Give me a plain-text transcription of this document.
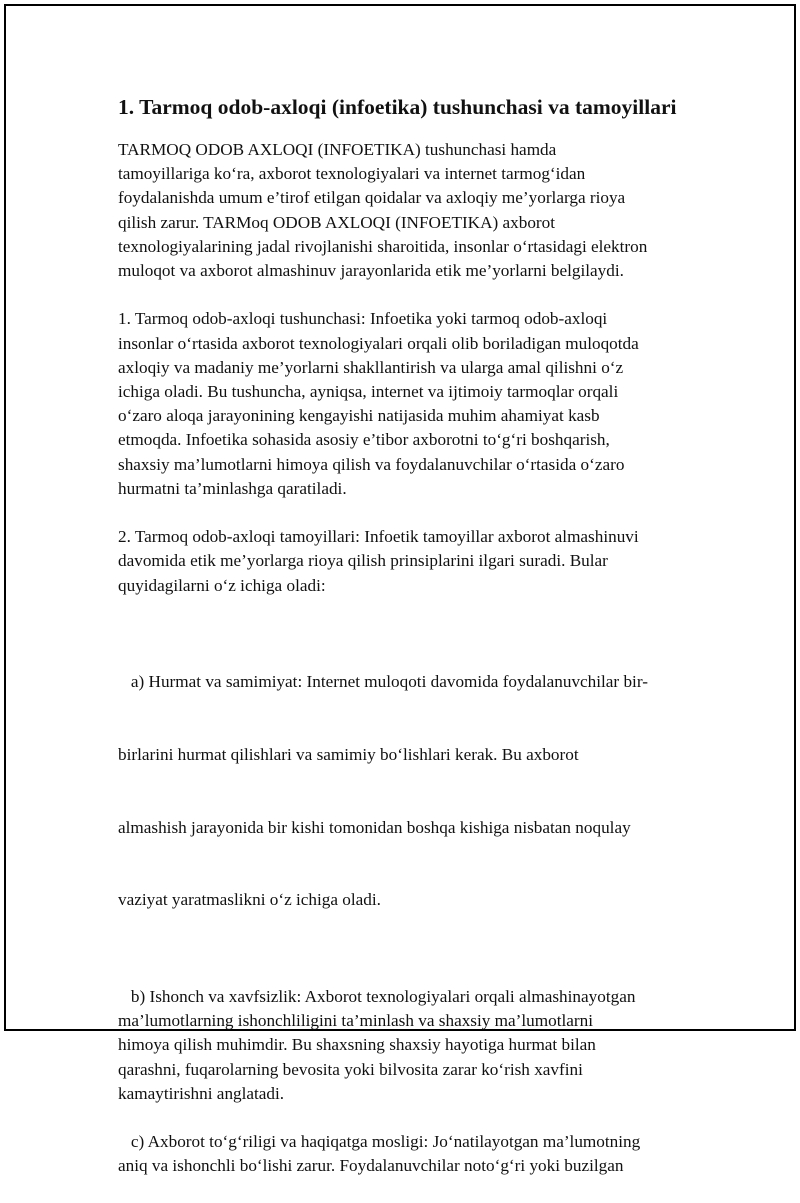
1. Tarmoq odob-axloqi (infoetika) tushunchasi va tamoyillari

TARMOQ ODOB AXLOQI (INFOETIKA) tushunchasi hamda
tamoyillariga ko‘ra, axborot texnologiyalari va internet tarmog‘idan
foydalanishda umum e’tirof etilgan qoidalar va axloqiy me’yorlarga rioya
qilish zarur. TARMoq ODOB AXLOQI (INFOETIKA) axborot
texnologiyalarining jadal rivojlanishi sharoitida, insonlar o‘rtasidagi elektron
muloqot va axborot almashinuv jarayonlarida etik me’yorlarni belgilaydi.

1. Tarmoq odob-axloqi tushunchasi: Infoetika yoki tarmoq odob-axloqi
insonlar o‘rtasida axborot texnologiyalari orqali olib boriladigan muloqotda
axloqiy va madaniy me’yorlarni shakllantirish va ularga amal qilishni o‘z
ichiga oladi. Bu tushuncha, ayniqsa, internet va ijtimoiy tarmoqlar orqali
o‘zaro aloqa jarayonining kengayishi natijasida muhim ahamiyat kasb
etmoqda. Infoetika sohasida asosiy e’tibor axborotni to‘g‘ri boshqarish,
shaxsiy ma’lumotlarni himoya qilish va foydalanuvchilar o‘rtasida o‘zaro
hurmatni ta’minlashga qaratiladi.

2. Tarmoq odob-axloqi tamoyillari: Infoetik tamoyillar axborot almashinuvi
davomida etik me’yorlarga rioya qilish prinsiplarini ilgari suradi. Bular
quyidagilarni o‘z ichiga oladi:

a) Hurmat va samimiyat: Internet muloqoti davomida foydalanuvchilar bir-

birlarini hurmat qilishlari va samimiy bo‘lishlari kerak. Bu axborot

almashish jarayonida bir kishi tomonidan boshqa kishiga nisbatan noqulay

vaziyat yaratmaslikni o‘z ichiga oladi.

b) Ishonch va xavfsizlik: Axborot texnologiyalari orqali almashinayotgan
ma’lumotlarning ishonchliligini ta’minlash va shaxsiy ma’lumotlarni
himoya qilish muhimdir. Bu shaxsning shaxsiy hayotiga hurmat bilan
qarashni, fuqarolarning bevosita yoki bilvosita zarar ko‘rish xavfini
kamaytirishni anglatadi.

c) Axborot to‘g‘riligi va haqiqatga mosligi: Jo‘natilayotgan ma’lumotning
aniq va ishonchli bo‘lishi zarur. Foydalanuvchilar noto‘g‘ri yoki buzilgan
